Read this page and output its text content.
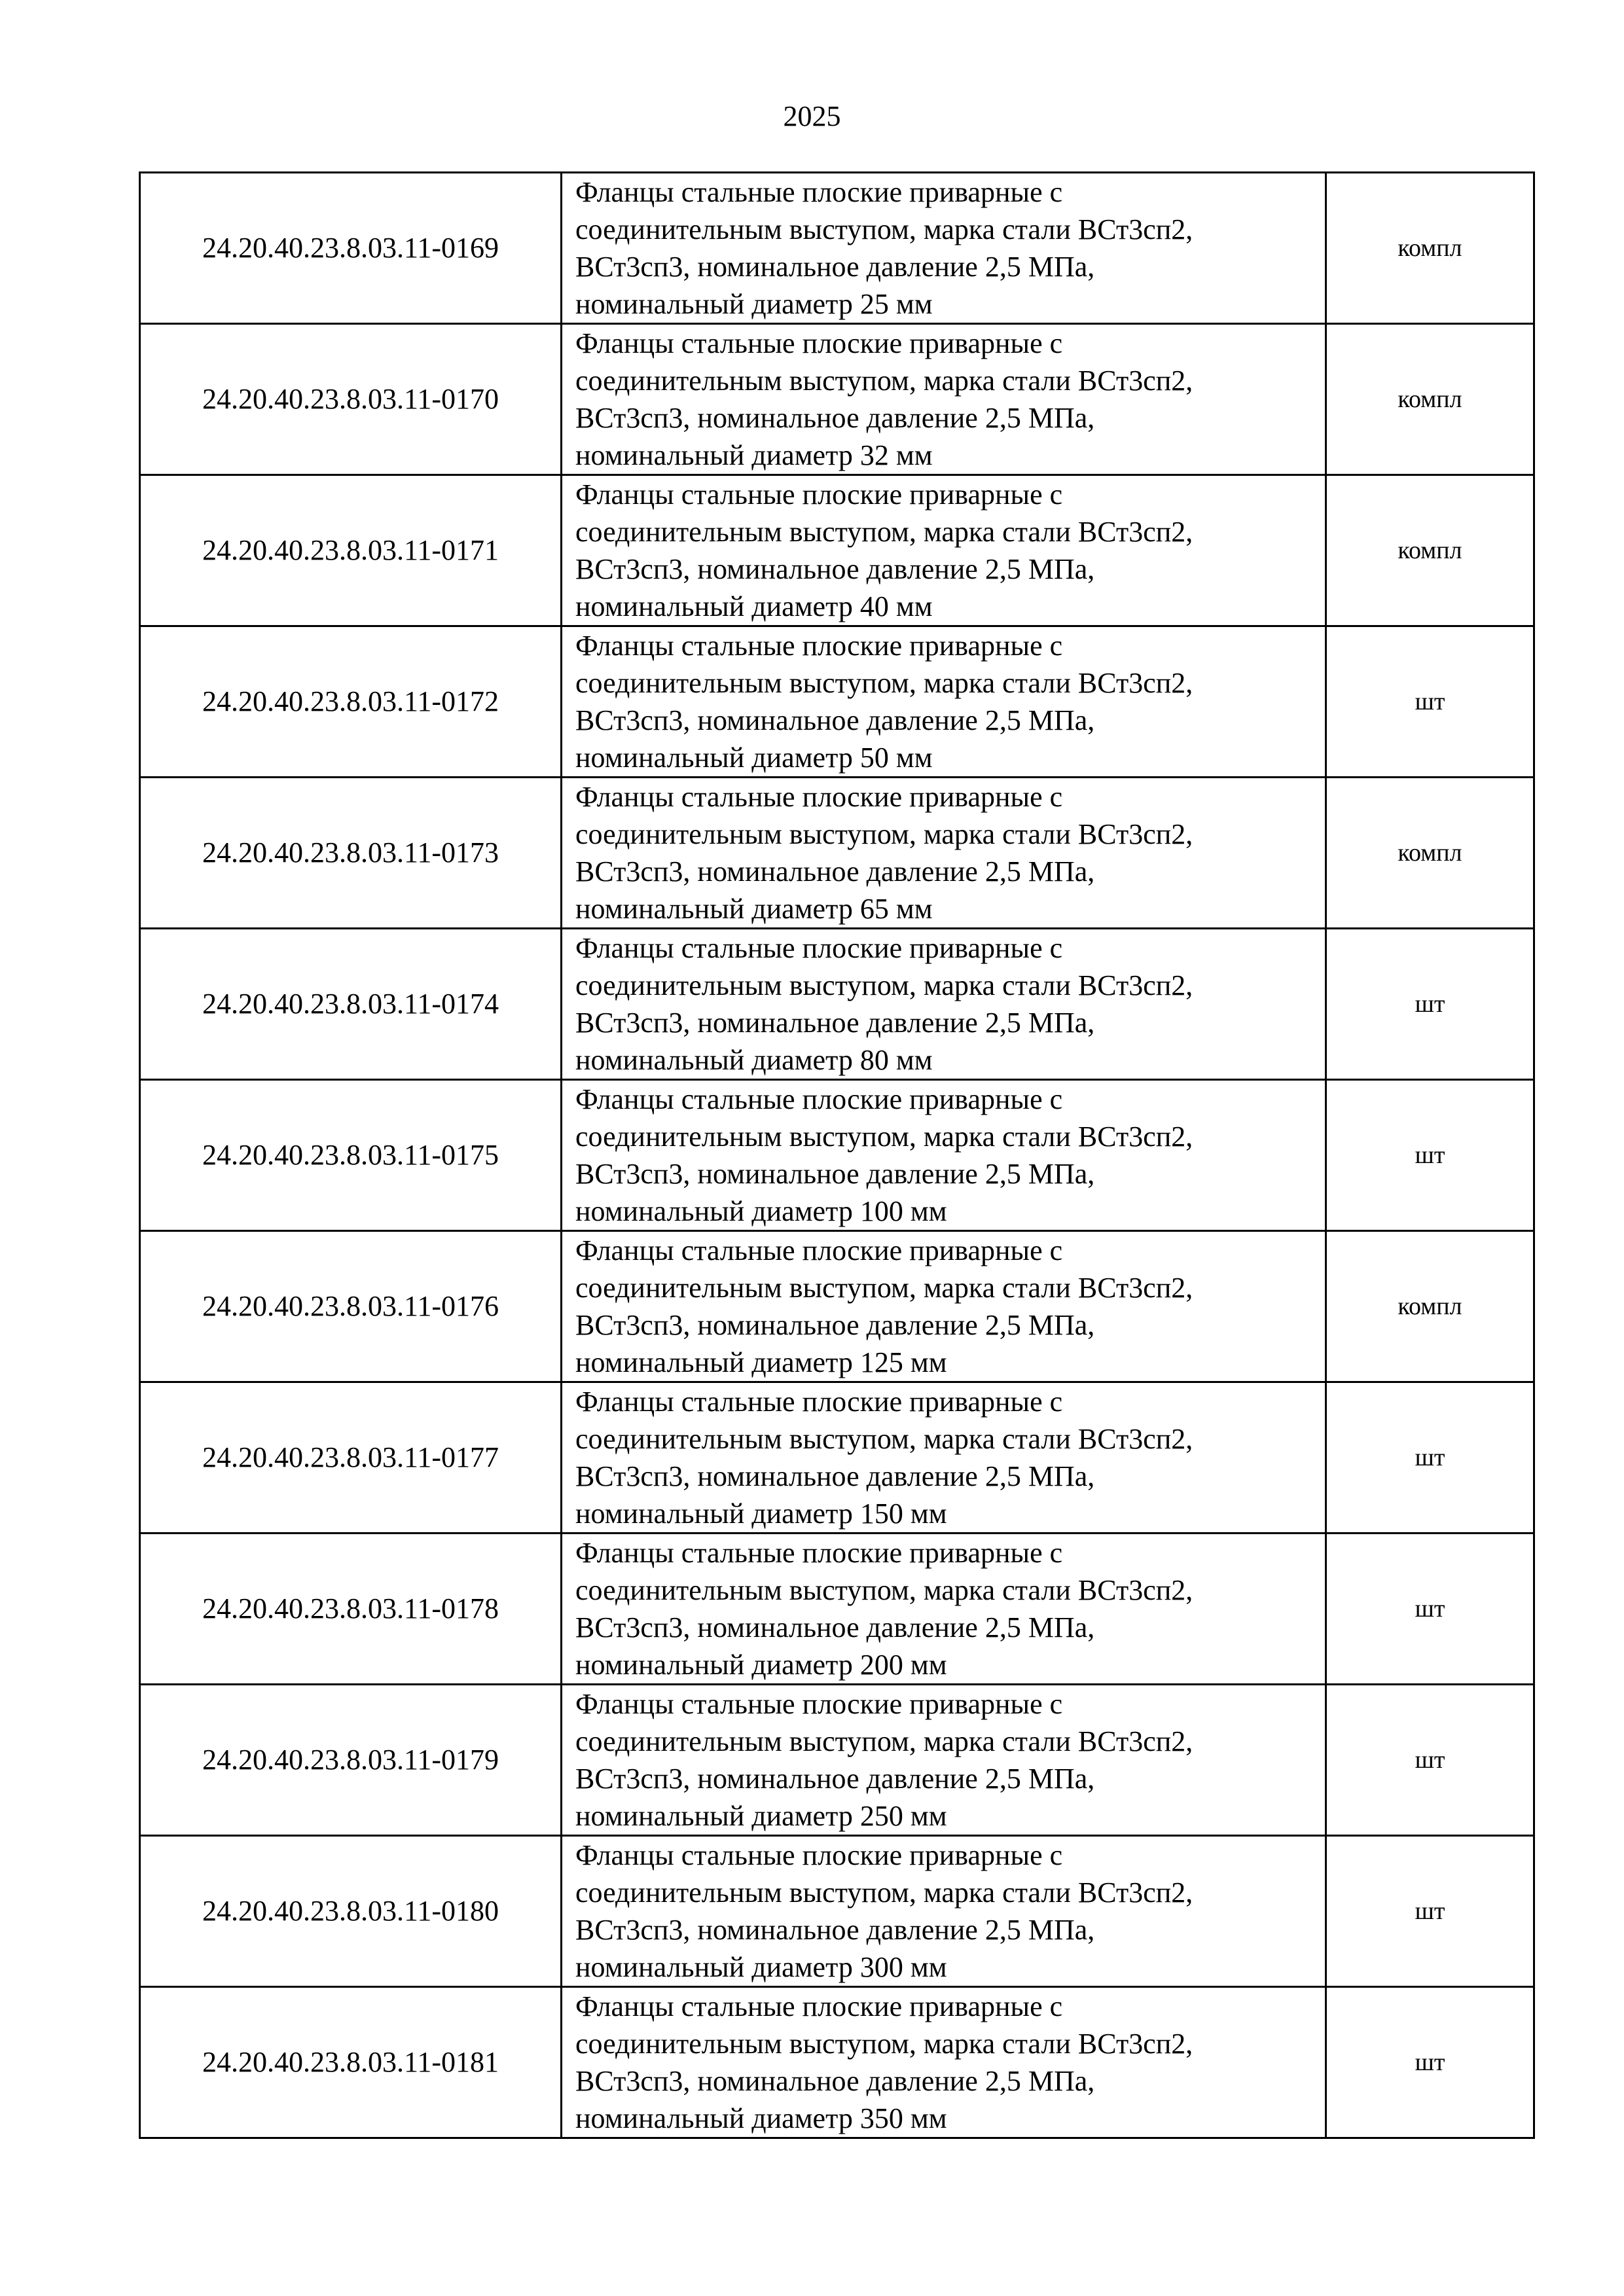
2025
24.20.40.23.8.03.11-0169	Фланцы стальные плоские приварные с
соединительным выступом, марка стали ВСт3сп2,
ВСт3сп3, номинальное давление 2,5 МПа,
номинальный диаметр 25 мм	компл
24.20.40.23.8.03.11-0170	Фланцы стальные плоские приварные с
соединительным выступом, марка стали ВСт3сп2,
ВСт3сп3, номинальное давление 2,5 МПа,
номинальный диаметр 32 мм	компл
24.20.40.23.8.03.11-0171	Фланцы стальные плоские приварные с
соединительным выступом, марка стали ВСт3сп2,
ВСт3сп3, номинальное давление 2,5 МПа,
номинальный диаметр 40 мм	компл
24.20.40.23.8.03.11-0172	Фланцы стальные плоские приварные с
соединительным выступом, марка стали ВСт3сп2,
ВСт3сп3, номинальное давление 2,5 МПа,
номинальный диаметр 50 мм	шт
24.20.40.23.8.03.11-0173	Фланцы стальные плоские приварные с
соединительным выступом, марка стали ВСт3сп2,
ВСт3сп3, номинальное давление 2,5 МПа,
номинальный диаметр 65 мм	компл
24.20.40.23.8.03.11-0174	Фланцы стальные плоские приварные с
соединительным выступом, марка стали ВСт3сп2,
ВСт3сп3, номинальное давление 2,5 МПа,
номинальный диаметр 80 мм	шт
24.20.40.23.8.03.11-0175	Фланцы стальные плоские приварные с
соединительным выступом, марка стали ВСт3сп2,
ВСт3сп3, номинальное давление 2,5 МПа,
номинальный диаметр 100 мм	шт
24.20.40.23.8.03.11-0176	Фланцы стальные плоские приварные с
соединительным выступом, марка стали ВСт3сп2,
ВСт3сп3, номинальное давление 2,5 МПа,
номинальный диаметр 125 мм	компл
24.20.40.23.8.03.11-0177	Фланцы стальные плоские приварные с
соединительным выступом, марка стали ВСт3сп2,
ВСт3сп3, номинальное давление 2,5 МПа,
номинальный диаметр 150 мм	шт
24.20.40.23.8.03.11-0178	Фланцы стальные плоские приварные с
соединительным выступом, марка стали ВСт3сп2,
ВСт3сп3, номинальное давление 2,5 МПа,
номинальный диаметр 200 мм	шт
24.20.40.23.8.03.11-0179	Фланцы стальные плоские приварные с
соединительным выступом, марка стали ВСт3сп2,
ВСт3сп3, номинальное давление 2,5 МПа,
номинальный диаметр 250 мм	шт
24.20.40.23.8.03.11-0180	Фланцы стальные плоские приварные с
соединительным выступом, марка стали ВСт3сп2,
ВСт3сп3, номинальное давление 2,5 МПа,
номинальный диаметр 300 мм	шт
24.20.40.23.8.03.11-0181	Фланцы стальные плоские приварные с
соединительным выступом, марка стали ВСт3сп2,
ВСт3сп3, номинальное давление 2,5 МПа,
номинальный диаметр 350 мм	шт
